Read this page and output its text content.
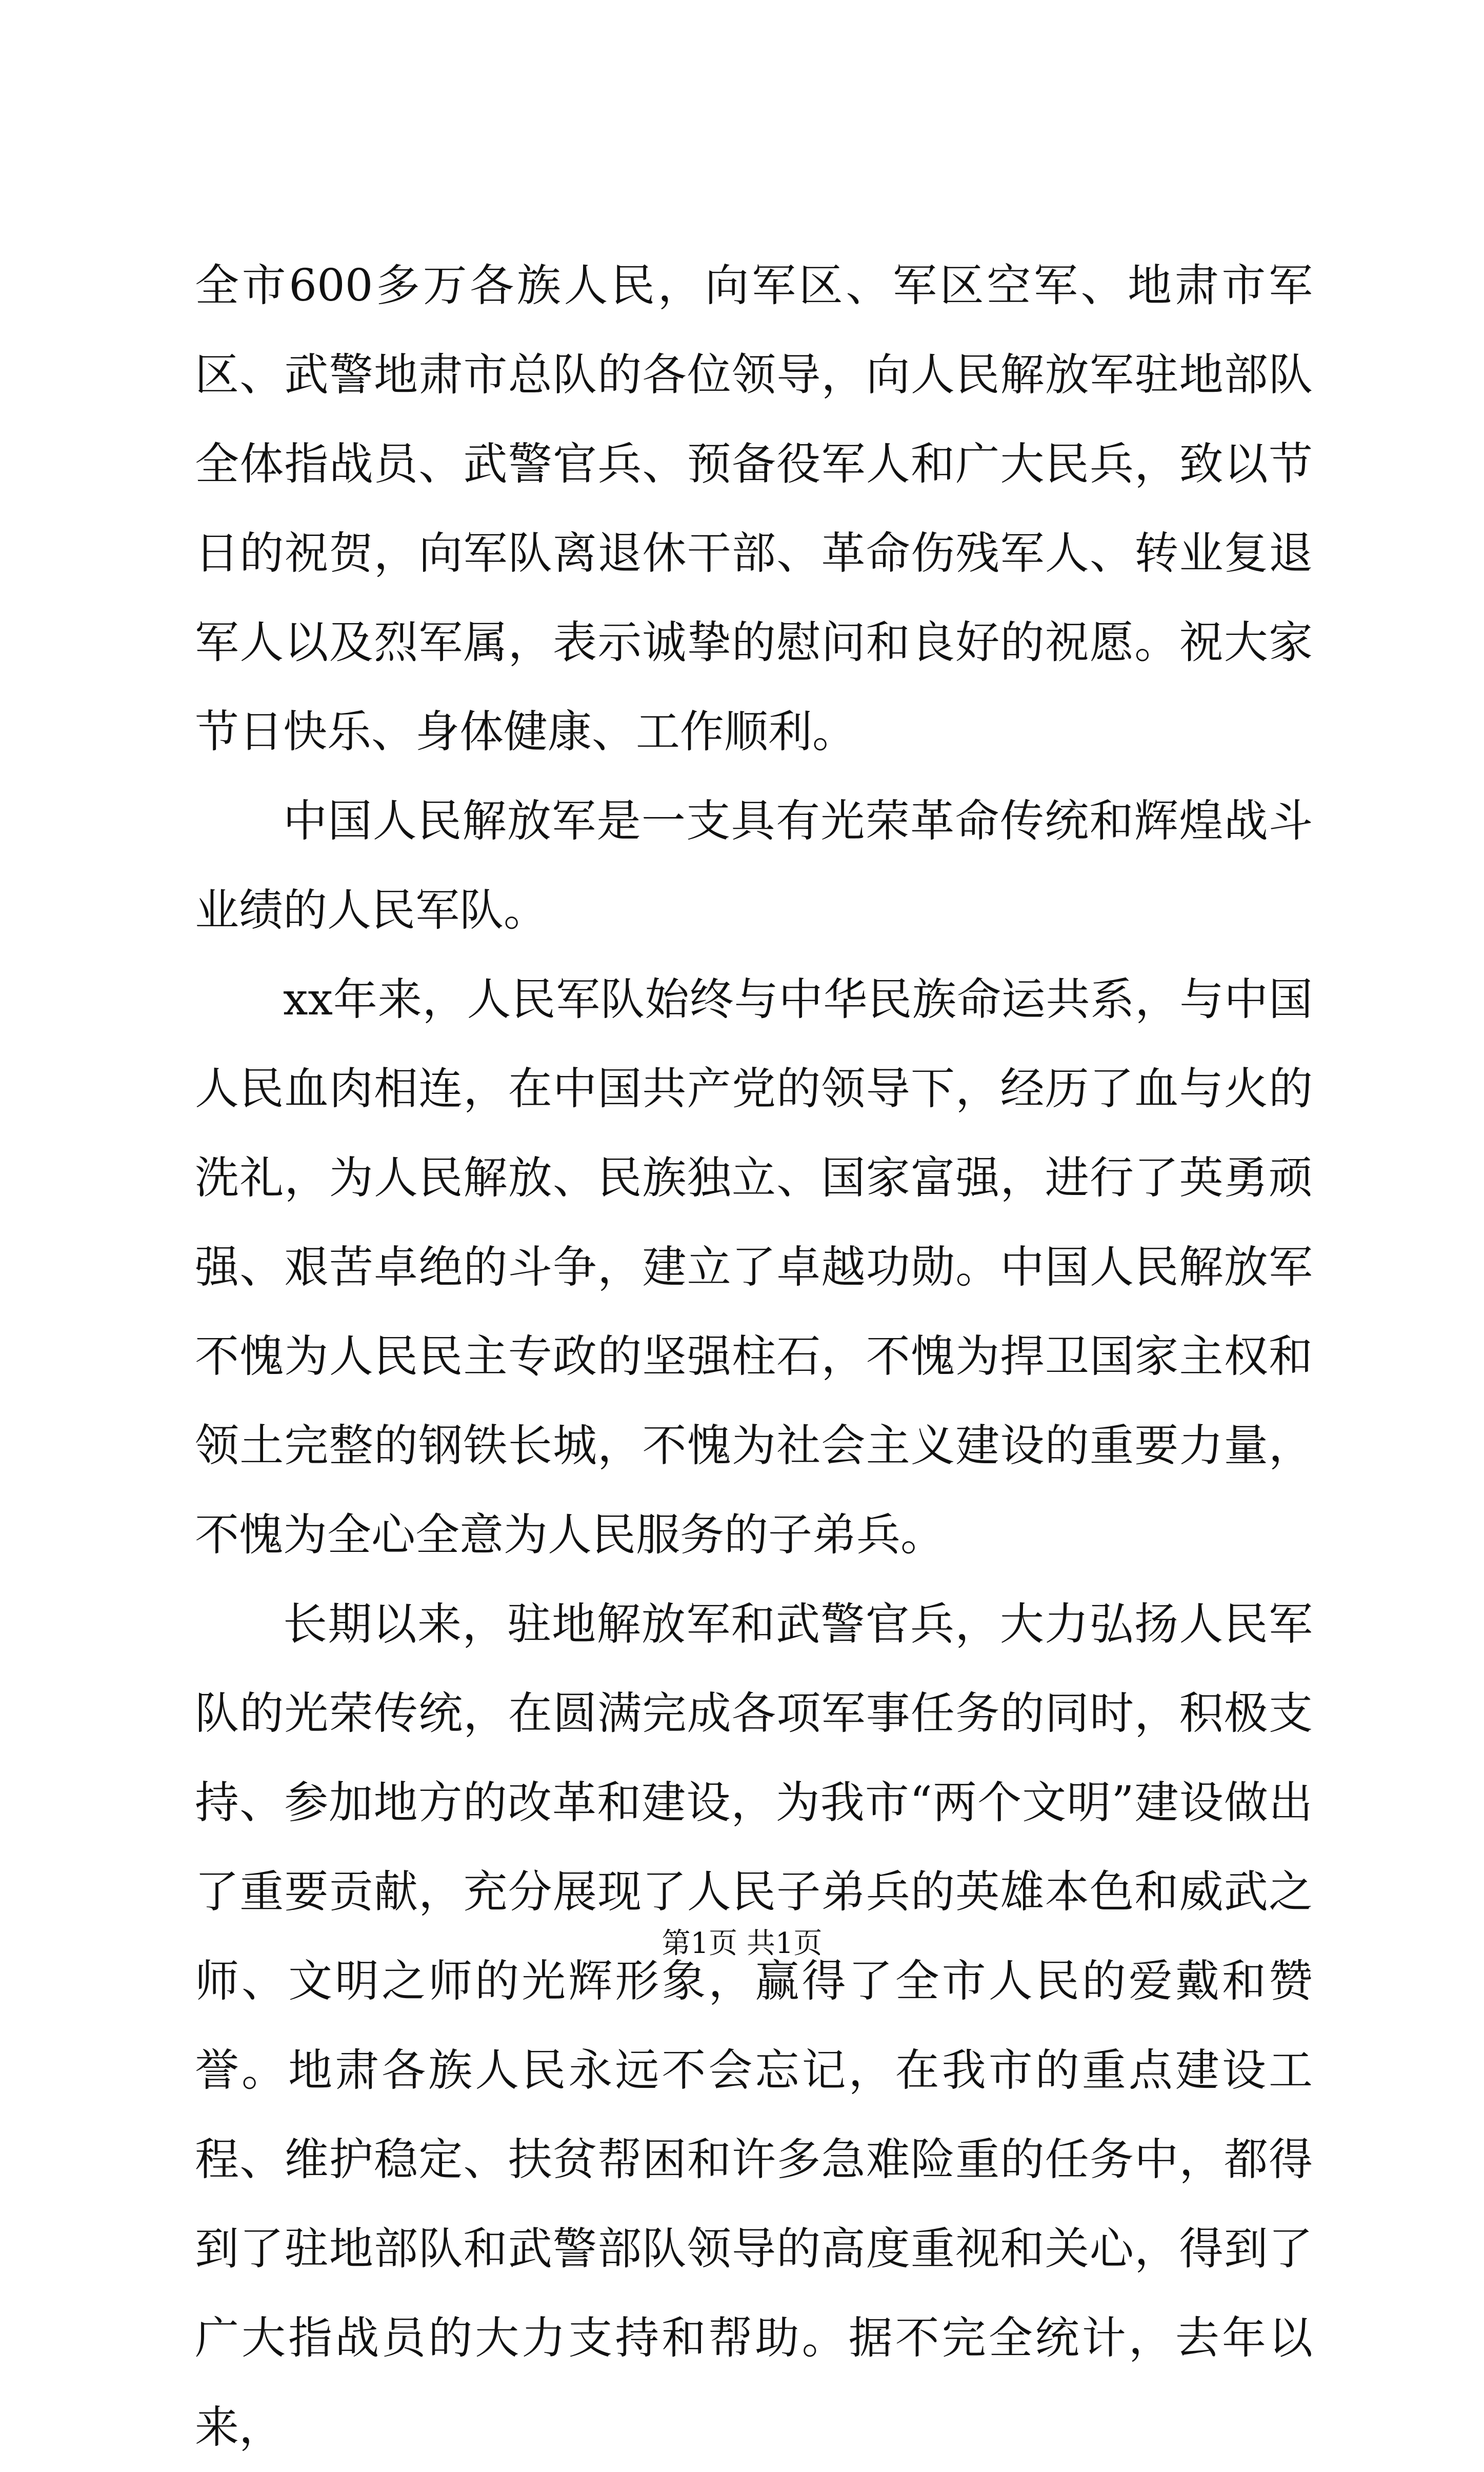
全市600多万各族人民，向军区、军区空军、地肃市军区、武警地肃市总队的各位领导，向人民解放军驻地部队全体指战员、武警官兵、预备役军人和广大民兵，致以节日的祝贺，向军队离退休干部、革命伤残军人、转业复退军人以及烈军属，表示诚挚的慰问和良好的祝愿。祝大家节日快乐、身体健康、工作顺利。

中国人民解放军是一支具有光荣革命传统和辉煌战斗业绩的人民军队。

xx年来，人民军队始终与中华民族命运共系，与中国人民血肉相连，在中国共产党的领导下，经历了血与火的洗礼，为人民解放、民族独立、国家富强，进行了英勇顽强、艰苦卓绝的斗争，建立了卓越功勋。中国人民解放军不愧为人民民主专政的坚强柱石，不愧为捍卫国家主权和领土完整的钢铁长城，不愧为社会主义建设的重要力量，不愧为全心全意为人民服务的子弟兵。

长期以来，驻地解放军和武警官兵，大力弘扬人民军队的光荣传统，在圆满完成各项军事任务的同时，积极支持、参加地方的改革和建设，为我市“两个文明”建设做出了重要贡献，充分展现了人民子弟兵的英雄本色和威武之师、文明之师的光辉形象，赢得了全市人民的爱戴和赞誉。地肃各族人民永远不会忘记，在我市的重点建设工程、维护稳定、扶贫帮困和许多急难险重的任务中，都得到了驻地部队和武警部队领导的高度重视和关心，得到了广大指战员的大力支持和帮助。据不完全统计，去年以来，

第1页 共1页
